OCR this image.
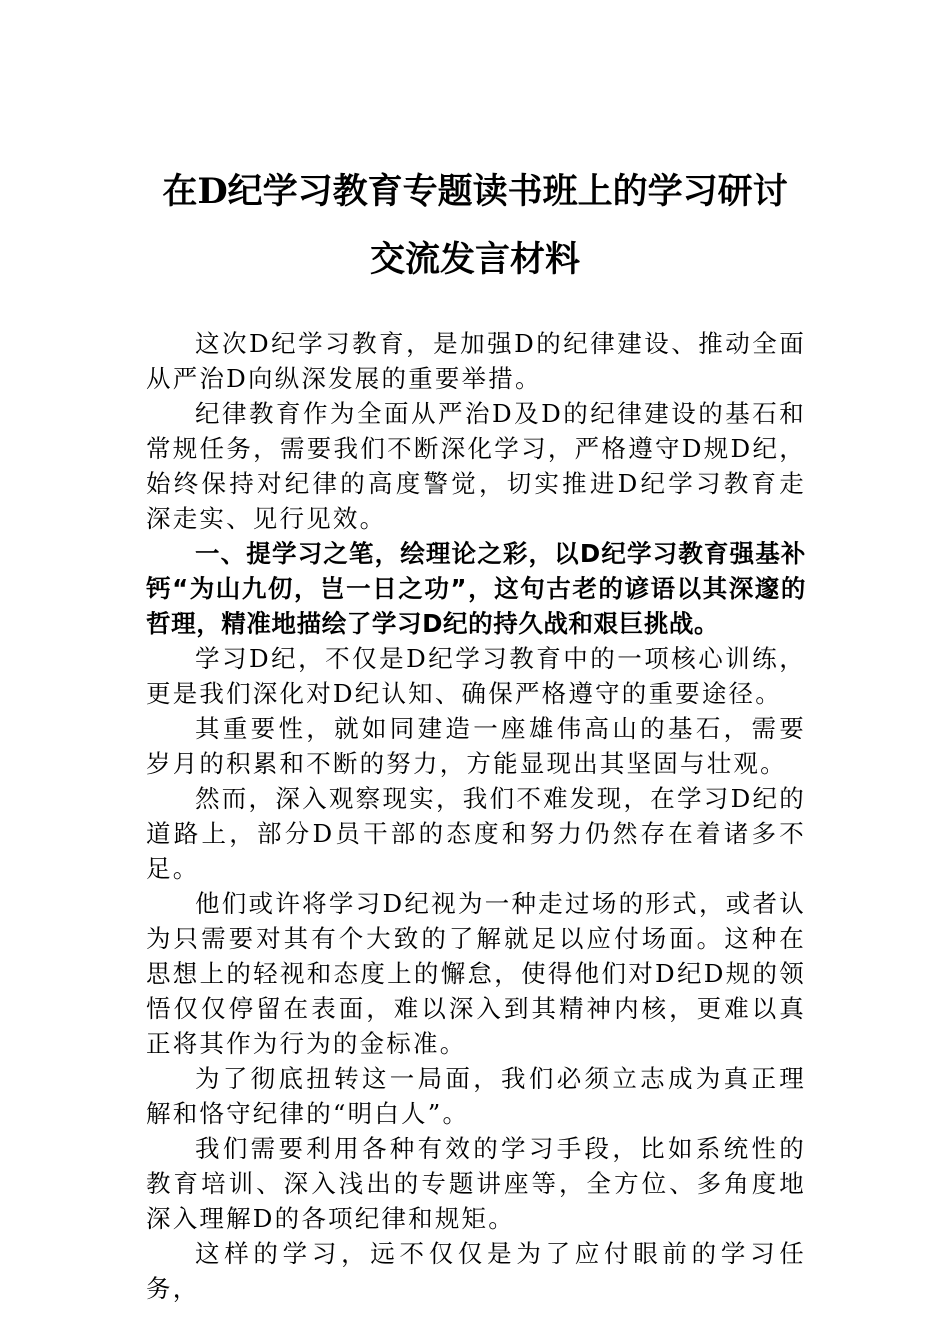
在D纪学习教育专题读书班上的学习研讨
交流发言材料

这次D纪学习教育，是加强D的纪律建设、推动全面从严治D向纵深发展的重要举措。

纪律教育作为全面从严治D及D的纪律建设的基石和常规任务，需要我们不断深化学习，严格遵守D规D纪，始终保持对纪律的高度警觉，切实推进D纪学习教育走深走实、见行见效。

一、提学习之笔，绘理论之彩，以D纪学习教育强基补钙“为山九仞，岂一日之功”，这句古老的谚语以其深邃的哲理，精准地描绘了学习D纪的持久战和艰巨挑战。

学习D纪，不仅是D纪学习教育中的一项核心训练，更是我们深化对D纪认知、确保严格遵守的重要途径。

其重要性，就如同建造一座雄伟高山的基石，需要岁月的积累和不断的努力，方能显现出其坚固与壮观。

然而，深入观察现实，我们不难发现，在学习D纪的道路上，部分D员干部的态度和努力仍然存在着诸多不足。

他们或许将学习D纪视为一种走过场的形式，或者认为只需要对其有个大致的了解就足以应付场面。这种在思想上的轻视和态度上的懈怠，使得他们对D纪D规的领悟仅仅停留在表面，难以深入到其精神内核，更难以真正将其作为行为的金标准。

为了彻底扭转这一局面，我们必须立志成为真正理解和恪守纪律的“明白人”。

我们需要利用各种有效的学习手段，比如系统性的教育培训、深入浅出的专题讲座等，全方位、多角度地深入理解D的各项纪律和规矩。

这样的学习，远不仅仅是为了应付眼前的学习任务，
